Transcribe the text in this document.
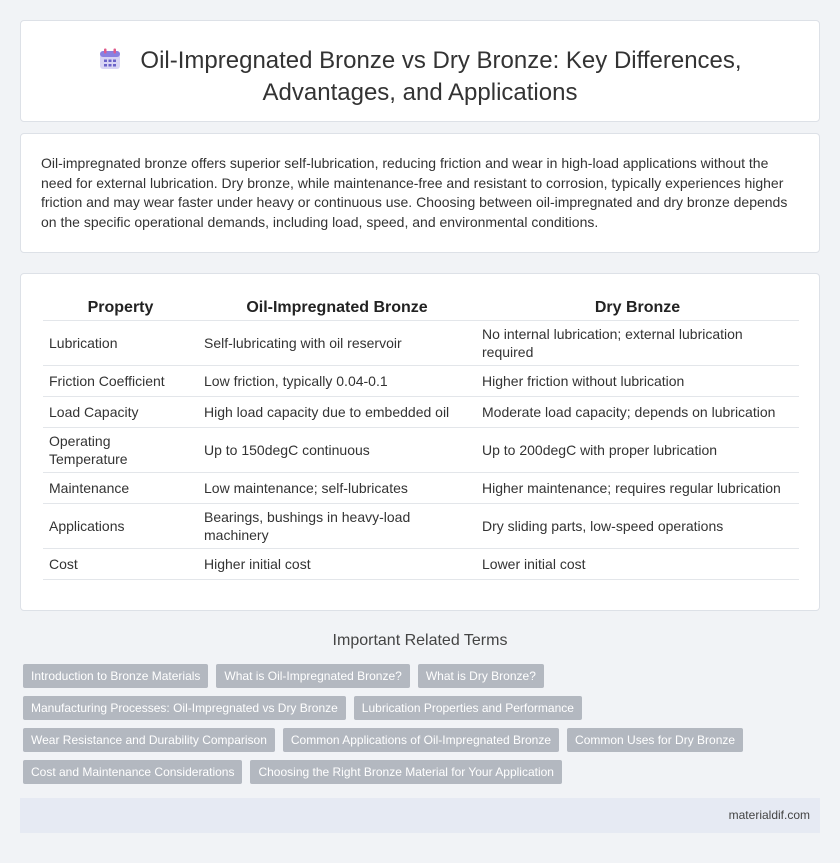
Oil-Impregnated Bronze vs Dry Bronze: Key Differences,
Advantages, and Applications

Oil-impregnated bronze offers superior self-lubrication, reducing friction and wear in high-load applications without the need for external lubrication. Dry bronze, while maintenance-free and resistant to corrosion, typically experiences higher friction and may wear faster under heavy or continuous use. Choosing between oil-impregnated and dry bronze depends on the specific operational demands, including load, speed, and environmental conditions.

Property	Oil-Impregnated Bronze	Dry Bronze
Lubrication	Self-lubricating with oil reservoir	No internal lubrication; external lubrication required
Friction Coefficient	Low friction, typically 0.04-0.1	Higher friction without lubrication
Load Capacity	High load capacity due to embedded oil	Moderate load capacity; depends on lubrication
Operating Temperature	Up to 150degC continuous	Up to 200degC with proper lubrication
Maintenance	Low maintenance; self-lubricates	Higher maintenance; requires regular lubrication
Applications	Bearings, bushings in heavy-load machinery	Dry sliding parts, low-speed operations
Cost	Higher initial cost	Lower initial cost
Important Related Terms
Introduction to Bronze Materials	What is Oil-Impregnated Bronze?	What is Dry Bronze?
Manufacturing Processes: Oil-Impregnated vs Dry Bronze	Lubrication Properties and Performance
Wear Resistance and Durability Comparison	Common Applications of Oil-Impregnated Bronze	Common Uses for Dry Bronze
Cost and Maintenance Considerations	Choosing the Right Bronze Material for Your Application
materialdif.com
